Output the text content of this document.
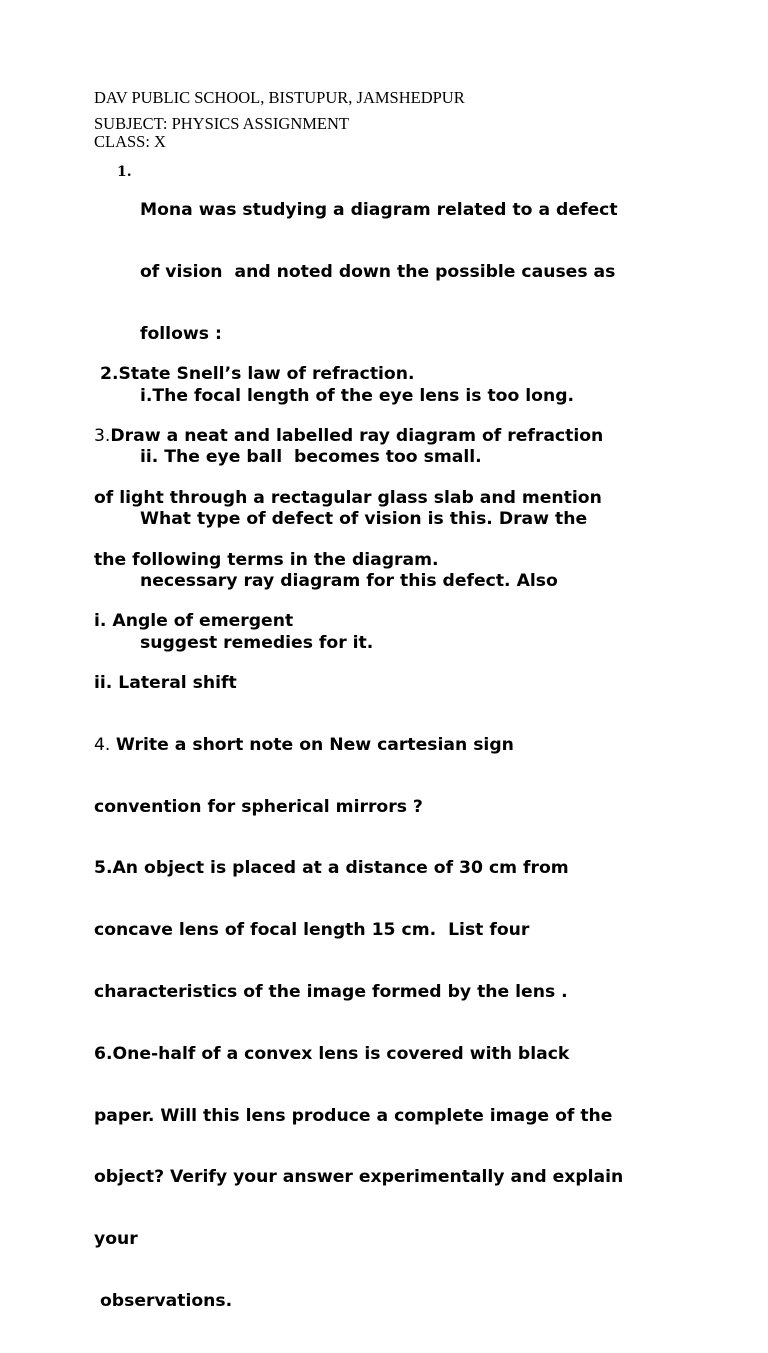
DAV PUBLIC SCHOOL, BISTUPUR, JAMSHEDPUR
SUBJECT: PHYSICS ASSIGNMENT
CLASS: X
1.

Mona was studying a diagram related to a defect

of vision  and noted down the possible causes as

follows :

i.The focal length of the eye lens is too long.

ii. The eye ball  becomes too small.

What type of defect of vision is this. Draw the

necessary ray diagram for this defect. Also

suggest remedies for it.

2.State Snell’s law of refraction.

3.Draw a neat and labelled ray diagram of refraction

of light through a rectagular glass slab and mention

the following terms in the diagram.

i. Angle of emergent

ii. Lateral shift

4. Write a short note on New cartesian sign

convention for spherical mirrors ?

5.An object is placed at a distance of 30 cm from

concave lens of focal length 15 cm.  List four

characteristics of the image formed by the lens .

6.One-half of a convex lens is covered with black

paper. Will this lens produce a complete image of the

object? Verify your answer experimentally and explain

your

observations.
